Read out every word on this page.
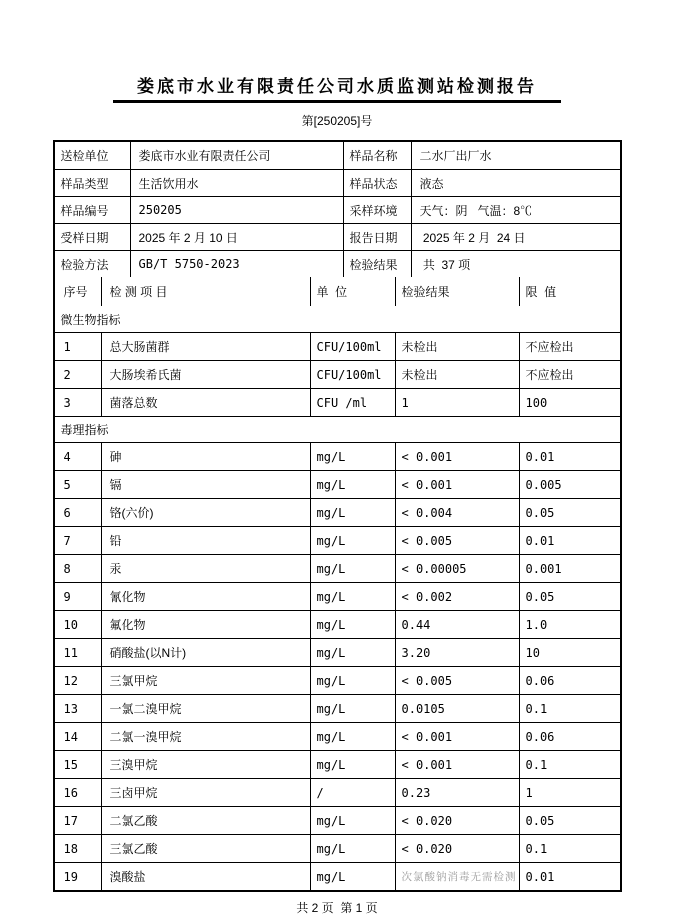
娄底市水业有限责任公司水质监测站检测报告
第[250205]号
送检单位	娄底市水业有限责任公司	样品名称	二水厂出厂水
样品类型	生活饮用水	样品状态	液态
样品编号	250205	采样环境	天气：阴   气温：8℃
受样日期	2025 年 2 月 10 日	报告日期	2025 年 2 月  24 日
检验方法	GB/T 5750-2023	检验结果	共  37 项
序号	检 测 项 目	单  位	检验结果	限  值
微生物指标
1	总大肠菌群	CFU/100ml	未检出	不应检出
2	大肠埃希氏菌	CFU/100ml	未检出	不应检出
3	菌落总数	CFU /ml	1	100
毒理指标
4	砷	mg/L	< 0.001	0.01
5	镉	mg/L	< 0.001	0.005
6	铬(六价)	mg/L	< 0.004	0.05
7	铅	mg/L	< 0.005	0.01
8	汞	mg/L	< 0.00005	0.001
9	氰化物	mg/L	< 0.002	0.05
10	氟化物	mg/L	0.44	1.0
11	硝酸盐(以N计)	mg/L	3.20	10
12	三氯甲烷	mg/L	< 0.005	0.06
13	一氯二溴甲烷	mg/L	0.0105	0.1
14	二氯一溴甲烷	mg/L	< 0.001	0.06
15	三溴甲烷	mg/L	< 0.001	0.1
16	三卤甲烷	/	0.23	1
17	二氯乙酸	mg/L	< 0.020	0.05
18	三氯乙酸	mg/L	< 0.020	0.1
19	溴酸盐	mg/L	次氯酸钠消毒无需检测 0.01
共 2 页  第 1 页
